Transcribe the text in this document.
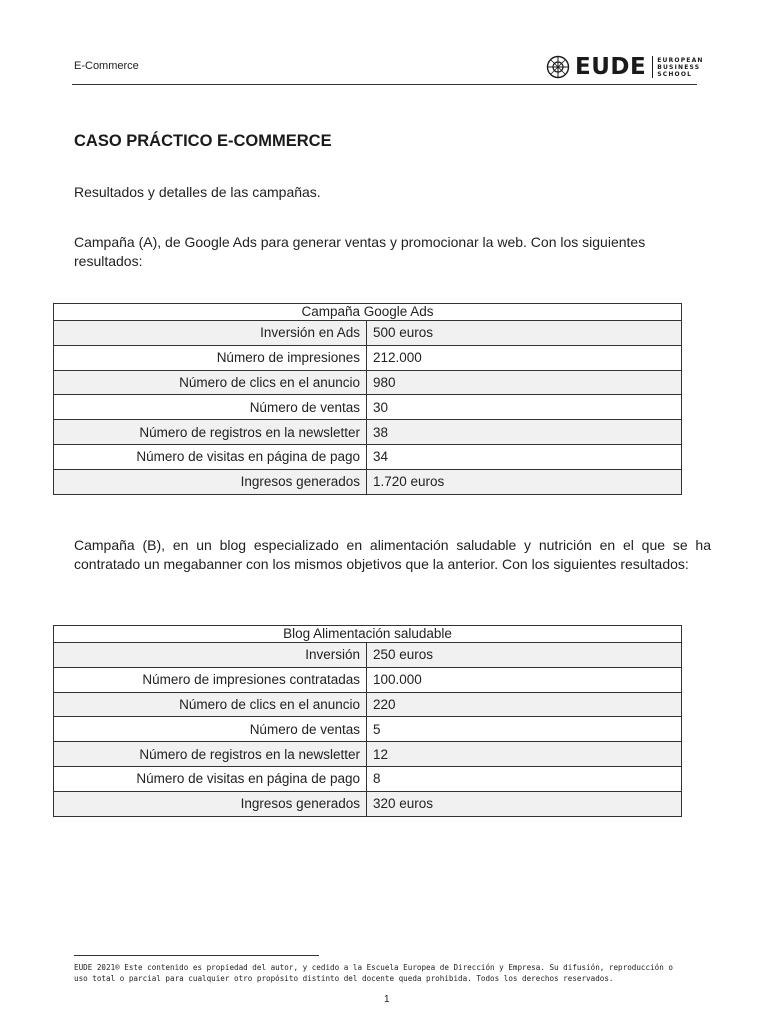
E-Commerce	EUDE EUROPEAN
BUSINESS
SCHOOL
CASO PRÁCTICO E-COMMERCE

Resultados y detalles de las campañas.

Campaña (A), de Google Ads para generar ventas y promocionar la web. Con los siguientes resultados:

Campaña Google Ads	
Inversión en Ads	500 euros
Número de impresiones	212.000
Número de clics en el anuncio	980
Número de ventas	30
Número de registros en la newsletter	38
Número de visitas en página de pago	34
Ingresos generados	1.720 euros

Campaña (B), en un blog especializado en alimentación saludable y nutrición en el que se ha contratado un megabanner con los mismos objetivos que la anterior. Con los siguientes resultados:

Blog Alimentación saludable	
Inversión	250 euros
Número de impresiones contratadas	100.000
Número de clics en el anuncio	220
Número de ventas	5
Número de registros en la newsletter	12
Número de visitas en página de pago	8
Ingresos generados	320 euros

EUDE 2021® Este contenido es propiedad del autor, y cedido a la Escuela Europea de Dirección y Empresa. Su difusión, reproducción o uso total o parcial para cualquier otro propósito distinto del docente queda prohibida. Todos los derechos reservados.

1
